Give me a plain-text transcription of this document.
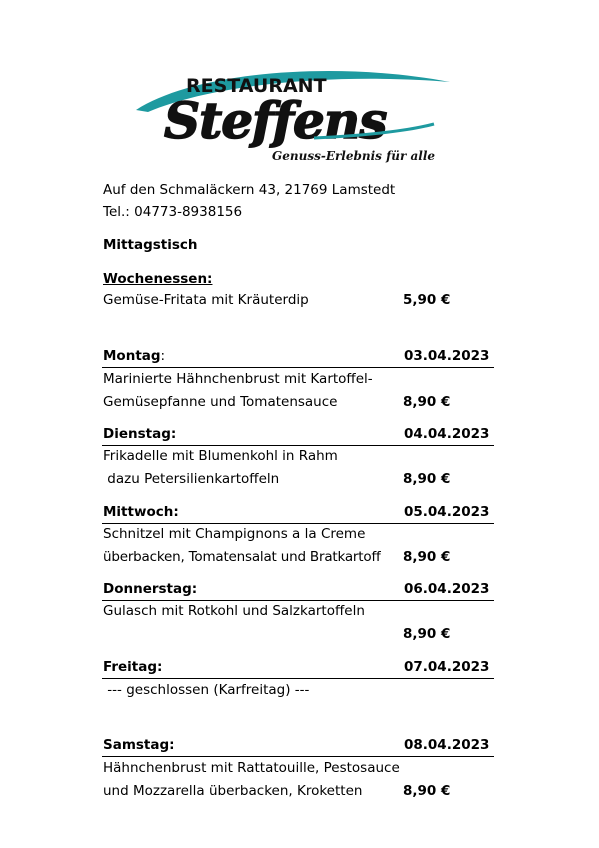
RESTAURANT
Steffens
Genuss-Erlebnis für alle
Auf den Schmaläckern 43, 21769 Lamstedt
Tel.: 04773-8938156
Mittagstisch
Wochenessen:
Gemüse-Fritata mit Kräuterdip	5,90 €
Montag:	03.04.2023
Marinierte Hähnchenbrust mit Kartoffel-
Gemüsepfanne und Tomatensauce	8,90 €
Dienstag:	04.04.2023
Frikadelle mit Blumenkohl in Rahm
dazu Petersilienkartoffeln	8,90 €
Mittwoch:	05.04.2023
Schnitzel mit Champignons a la Creme
überbacken, Tomatensalat und Bratkartoff 8,90 €
Donnerstag:	06.04.2023
Gulasch mit Rotkohl und Salzkartoffeln
8,90 €
Freitag:	07.04.2023
--- geschlossen (Karfreitag) ---
Samstag:	08.04.2023
Hähnchenbrust mit Rattatouille, Pestosauce
und Mozzarella überbacken, Kroketten	8,90 €
